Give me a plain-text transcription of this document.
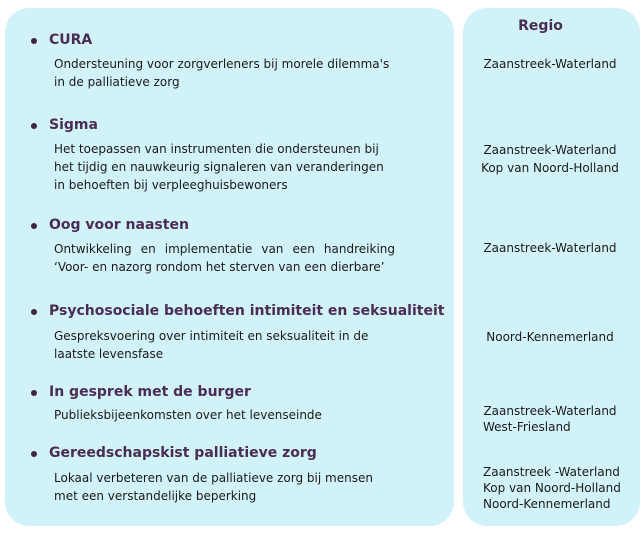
Regio
CURA
Ondersteuning voor zorgverleners bij morele dilemma's
in de palliatieve zorg
Zaanstreek-Waterland
Sigma
Het toepassen van instrumenten die ondersteunen bij
het tijdig en nauwkeurig signaleren van veranderingen
in behoeften bij verpleeghuisbewoners
Zaanstreek-Waterland
Kop van Noord-Holland
Oog voor naasten
Ontwikkeling en implementatie van een handreiking
‘Voor- en nazorg rondom het sterven van een dierbare’
Zaanstreek-Waterland
Psychosociale behoeften intimiteit en seksualiteit
Gespreksvoering over intimiteit en seksualiteit in de
laatste levensfase
Noord-Kennemerland
In gesprek met de burger
Publieksbijeenkomsten over het levenseinde	Zaanstreek-Waterland
West-Friesland
Gereedschapskist palliatieve zorg
Lokaal verbeteren van de palliatieve zorg bij mensen
met een verstandelijke beperking
Zaanstreek -Waterland
Kop van Noord-Holland
Noord-Kennemerland
